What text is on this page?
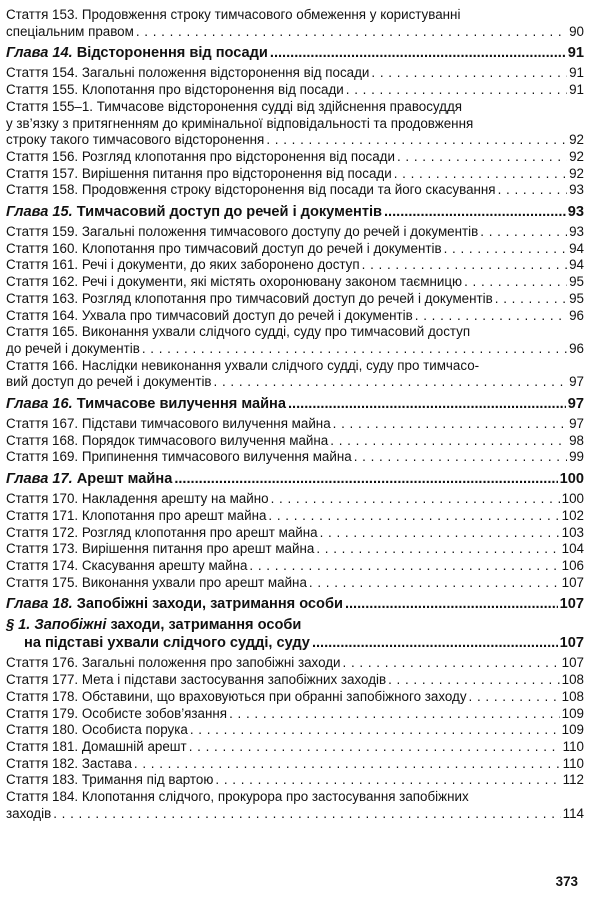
Стаття 153. Продовження строку тимчасового обмеження у користуванні
спеціальним правом . . .	90
Глава 14. Відсторонення від посади .....	91
Стаття 154. Загальні положення відсторонення від посади . . .	91
Стаття 155. Клопотання про відсторонення від посади . . .	91
Стаття 155–1. Тимчасове відсторонення судді від здійснення правосуддя
у зв’язку з притягненням до кримінальної відповідальності та продовження
строку такого тимчасового відсторонення . . .	92
Стаття 156. Розгляд клопотання про відсторонення від посади . . .	92
Стаття 157. Вирішення питання про відсторонення від посади . . .	92
Стаття 158. Продовження строку відсторонення від посади та його скасування . . .	93
Глава 15. Тимчасовий доступ до речей і документів .....	93
Стаття 159. Загальні положення тимчасового доступу до речей і документів . . .	93
Стаття 160. Клопотання про тимчасовий доступ до речей і документів . . .	94
Стаття 161. Речі і документи, до яких заборонено доступ . . .	94
Стаття 162. Речі і документи, які містять охоронювану законом таємницю . . .	95
Стаття 163. Розгляд клопотання про тимчасовий доступ до речей і документів . . .	95
Стаття 164. Ухвала про тимчасовий доступ до речей і документів . . .	96
Стаття 165. Виконання ухвали слідчого судді, суду про тимчасовий доступ
до речей і документів . . .	96
Стаття 166. Наслідки невиконання ухвали слідчого судді, суду про тимчасо-
вий доступ до речей і документів . . .	97
Глава 16. Тимчасове вилучення майна .....	97
Стаття 167. Підстави тимчасового вилучення майна . . .	97
Стаття 168. Порядок тимчасового вилучення майна . . .	98
Стаття 169. Припинення тимчасового вилучення майна . . .	99
Глава 17. Арешт майна .....	100
Стаття 170. Накладення арешту на майно . . .	100
Стаття 171. Клопотання про арешт майна . . .	102
Стаття 172. Розгляд клопотання про арешт майна . . .	103
Стаття 173. Вирішення питання про арешт майна . . .	104
Стаття 174. Скасування арешту майна . . .	106
Стаття 175. Виконання ухвали про арешт майна . . .	107
Глава 18. Запобіжні заходи, затримання особи .....	107
§ 1. Запобіжні заходи, затримання особи
на підставі ухвали слідчого судді, суду .....	107
Стаття 176. Загальні положення про запобіжні заходи . . .	107
Стаття 177. Мета і підстави застосування запобіжних заходів . . .	108
Стаття 178. Обставини, що враховуються при обранні запобіжного заходу . . .	108
Стаття 179. Особисте зобов’язання . . .	109
Стаття 180. Особиста порука . . .	109
Стаття 181. Домашній арешт . . .	110
Стаття 182. Застава . . .	110
Стаття 183. Тримання під вартою . . .	112
Стаття 184. Клопотання слідчого, прокурора про застосування запобіжних
заходів . . .	114
373
